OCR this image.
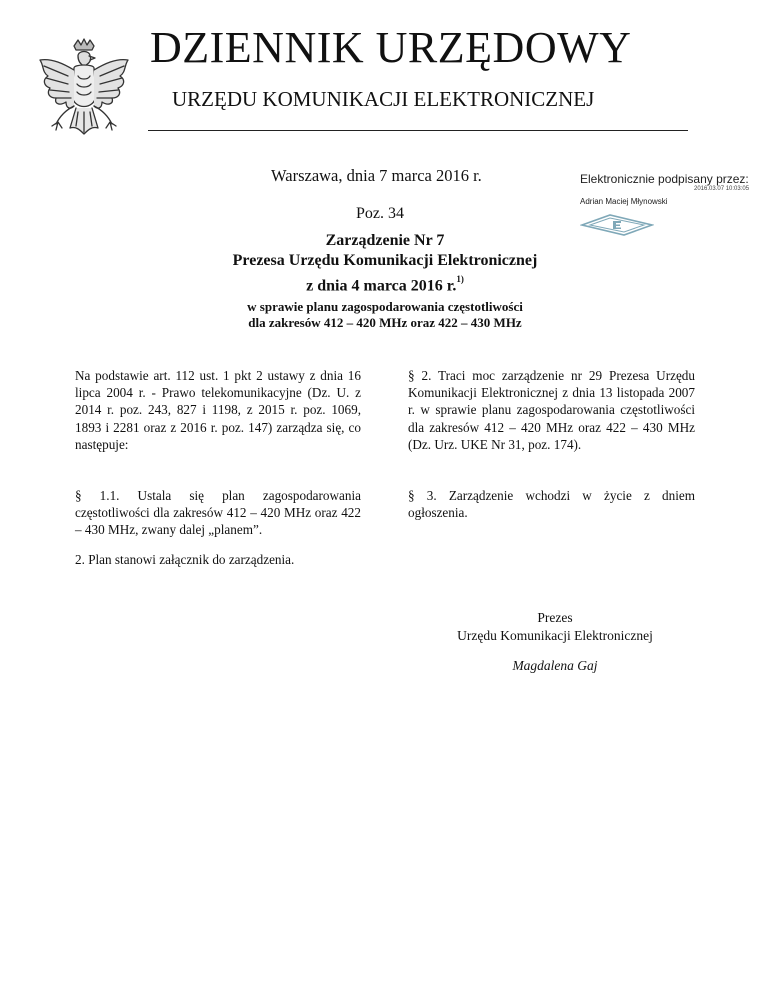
DZIENNIK URZĘDOWY
URZĘDU KOMUNIKACJI ELEKTRONICZNEJ
Warszawa, dnia 7 marca 2016 r.	Elektronicznie podpisany przez:
2016.03.07 10:03:05
Adrian Maciej Młynowski
Poz. 34
Zarządzenie Nr 7
Prezesa Urzędu Komunikacji Elektronicznej
z dnia 4 marca 2016 r.$^{1)}$
w sprawie planu zagospodarowania częstotliwości
dla zakresów 412 – 420 MHz oraz 422 – 430 MHz

Na podstawie art. 112 ust. 1 pkt 2 ustawy z dnia 16 lipca 2004 r. - Prawo telekomunikacyjne (Dz. U. z 2014 r. poz. 243, 827 i 1198, z 2015 r. poz. 1069, 1893 i 2281 oraz z 2016 r. poz. 147) zarządza się, co następuje:

§ 1.1. Ustala się plan zagospodarowania częstotliwości dla zakresów 412 – 420 MHz oraz 422 – 430 MHz, zwany dalej „planem”.

2. Plan stanowi załącznik do zarządzenia.

§ 2. Traci moc zarządzenie nr 29 Prezesa Urzędu Komunikacji Elektronicznej z dnia 13 listopada 2007 r. w sprawie planu zagospodarowania częstotliwości dla zakresów 412 – 420 MHz oraz 422 – 430 MHz (Dz. Urz. UKE Nr 31, poz. 174).

§ 3. Zarządzenie wchodzi w życie z dniem ogłoszenia.

Prezes
Urzędu Komunikacji Elektronicznej
Magdalena Gaj
